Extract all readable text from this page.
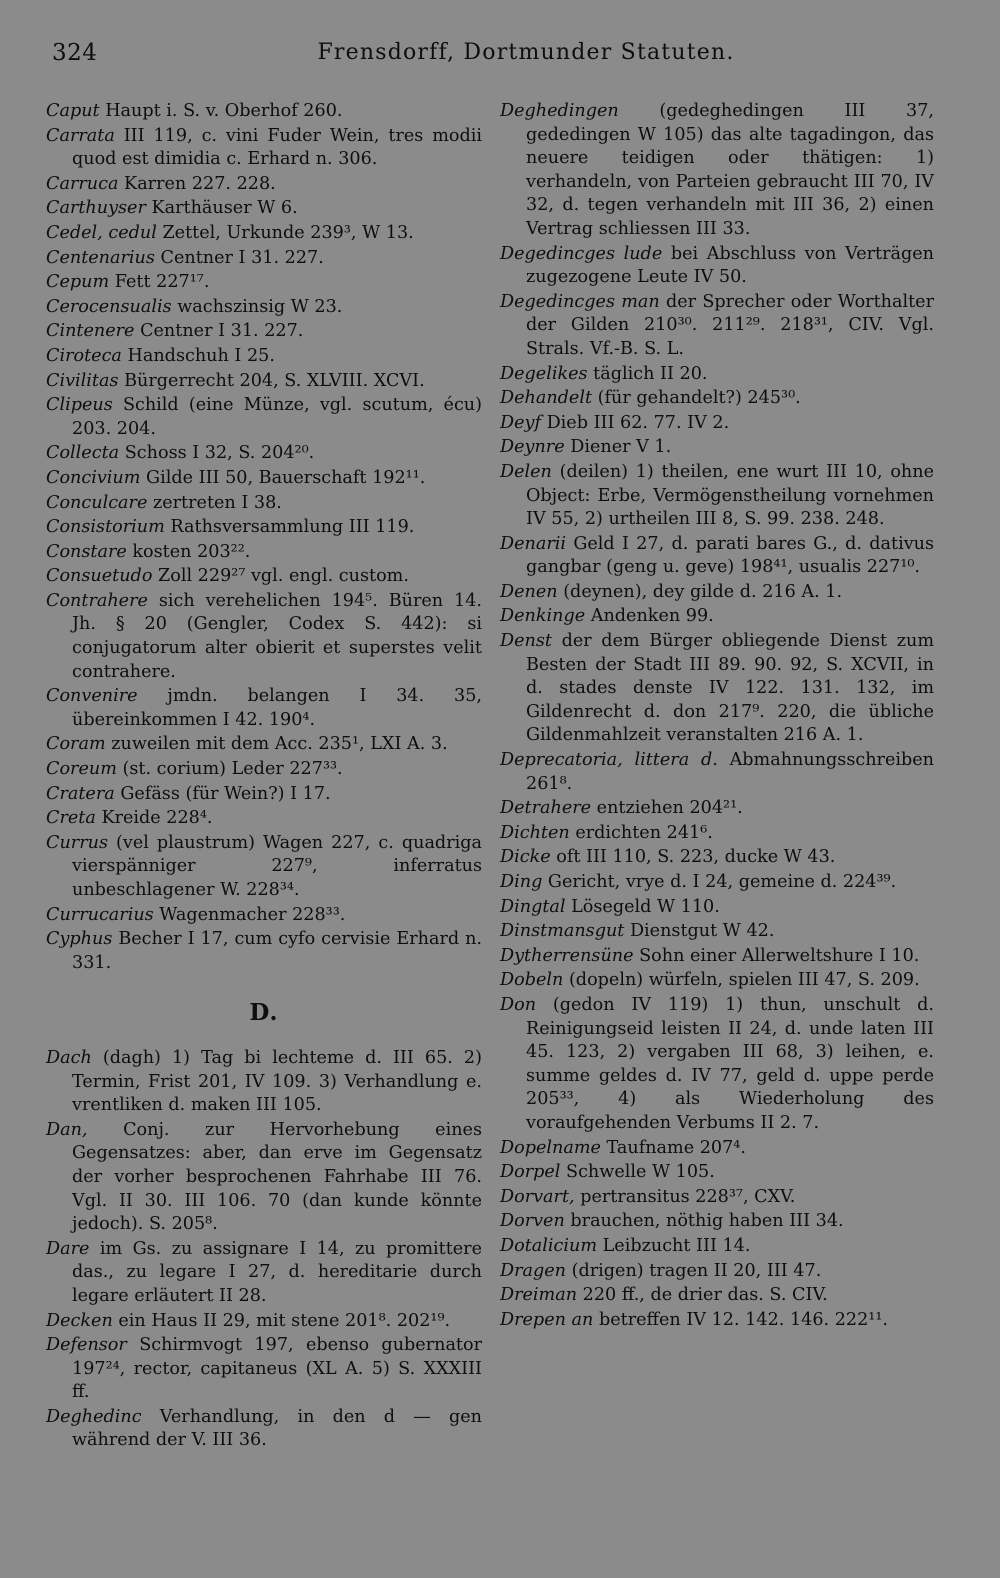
324	Frensdorff, Dortmunder Statuten.

Caput Haupt i. S. v. Oberhof 260.

Carrata III 119, c. vini Fuder Wein, tres modii quod est dimidia c. Erhard n. 306.

Carruca Karren 227. 228.

Carthuyser Karthäuser W 6.

Cedel, cedul Zettel, Urkunde 239³, W 13.

Centenarius Centner I 31. 227.

Cepum Fett 227¹⁷.

Cerocensualis wachszinsig W 23.

Cintenere Centner I 31. 227.

Ciroteca Handschuh I 25.

Civilitas Bürgerrecht 204, S. XLVIII. XCVI.

Clipeus Schild (eine Münze, vgl. scutum, écu) 203. 204.

Collecta Schoss I 32, S. 204²⁰.

Concivium Gilde III 50, Bauerschaft 192¹¹.

Conculcare zertreten I 38.

Consistorium Rathsversammlung III 119.

Constare kosten 203²².

Consuetudo Zoll 229²⁷ vgl. engl. custom.

Contrahere sich verehelichen 194⁵. Büren 14. Jh. § 20 (Gengler, Codex S. 442): si conjugatorum alter obierit et superstes velit contrahere.

Convenire jmdn. belangen I 34. 35, übereinkommen I 42. 190⁴.

Coram zuweilen mit dem Acc. 235¹, LXI A. 3.

Coreum (st. corium) Leder 227³³.

Cratera Gefäss (für Wein?) I 17.

Creta Kreide 228⁴.

Currus (vel plaustrum) Wagen 227, c. quadriga vierspänniger 227⁹, inferratus unbeschlagener W. 228³⁴.

Currucarius Wagenmacher 228³³.

Cyphus Becher I 17, cum cyfo cervisie Erhard n. 331.

D.

Dach (dagh) 1) Tag bi lechteme d. III 65. 2) Termin, Frist 201, IV 109. 3) Verhandlung e. vrentliken d. maken III 105.

Dan, Conj. zur Hervorhebung eines Gegensatzes: aber, dan erve im Gegensatz der vorher besprochenen Fahrhabe III 76. Vgl. II 30. III 106. 70 (dan kunde könnte jedoch). S. 205⁸.

Dare im Gs. zu assignare I 14, zu promittere das., zu legare I 27, d. hereditarie durch legare erläutert II 28.

Decken ein Haus II 29, mit stene 201⁸. 202¹⁹.

Defensor Schirmvogt 197, ebenso gubernator 197²⁴, rector, capitaneus (XL A. 5) S. XXXIII ff.

Deghedinc Verhandlung, in den d — gen während der V. III 36.

Deghedingen (gedeghedingen III 37, gededingen W 105) das alte tagadingon, das neuere teidigen oder thätigen: 1) verhandeln, von Parteien gebraucht III 70, IV 32, d. tegen verhandeln mit III 36, 2) einen Vertrag schliessen III 33.

Degedincges lude bei Abschluss von Verträgen zugezogene Leute IV 50.

Degedincges man der Sprecher oder Worthalter der Gilden 210³⁰. 211²⁹. 218³¹, CIV. Vgl. Strals. Vf.-B. S. L.

Degelikes täglich II 20.

Dehandelt (für gehandelt?) 245³⁰.

Deyf Dieb III 62. 77. IV 2.

Deynre Diener V 1.

Delen (deilen) 1) theilen, ene wurt III 10, ohne Object: Erbe, Vermögenstheilung vornehmen IV 55, 2) urtheilen III 8, S. 99. 238. 248.

Denarii Geld I 27, d. parati bares G., d. dativus gangbar (geng u. geve) 198⁴¹, usualis 227¹⁰.

Denen (deynen), dey gilde d. 216 A. 1.

Denkinge Andenken 99.

Denst der dem Bürger obliegende Dienst zum Besten der Stadt III 89. 90. 92, S. XCVII, in d. stades denste IV 122. 131. 132, im Gildenrecht d. don 217⁹. 220, die übliche Gildenmahlzeit veranstalten 216 A. 1.

Deprecatoria, littera d. Abmahnungsschreiben 261⁸.

Detrahere entziehen 204²¹.

Dichten erdichten 241⁶.

Dicke oft III 110, S. 223, ducke W 43.

Ding Gericht, vrye d. I 24, gemeine d. 224³⁹.

Dingtal Lösegeld W 110.

Dinstmansgut Dienstgut W 42.

Dytherrensüne Sohn einer Allerweltshure I 10.

Dobeln (dopeln) würfeln, spielen III 47, S. 209.

Don (gedon IV 119) 1) thun, unschult d. Reinigungseid leisten II 24, d. unde laten III 45. 123, 2) vergaben III 68, 3) leihen, e. summe geldes d. IV 77, geld d. uppe perde 205³³, 4) als Wiederholung des voraufgehenden Verbums II 2. 7.

Dopelname Taufname 207⁴.

Dorpel Schwelle W 105.

Dorvart, pertransitus 228³⁷, CXV.

Dorven brauchen, nöthig haben III 34.

Dotalicium Leibzucht III 14.

Dragen (drigen) tragen II 20, III 47.

Dreiman 220 ff., de drier das. S. CIV.

Drepen an betreffen IV 12. 142. 146. 222¹¹.
